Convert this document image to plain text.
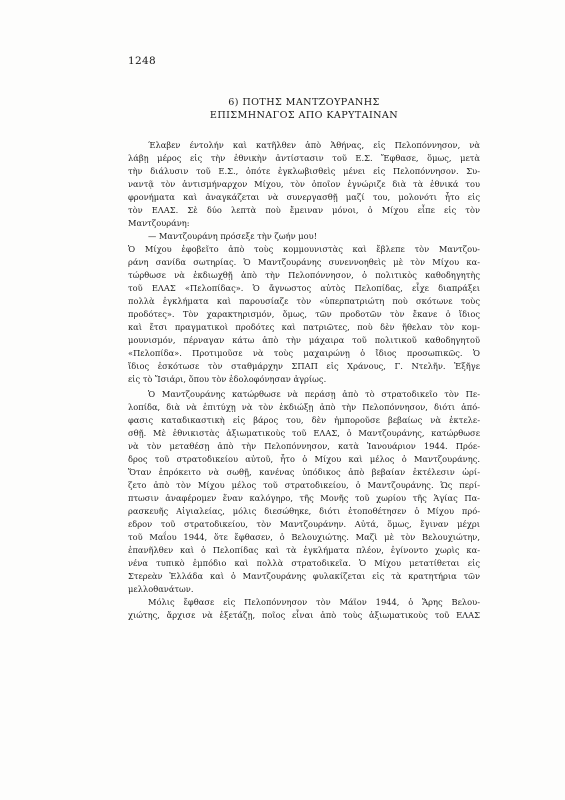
1248
6) ΠΟΤΗΣ ΜΑΝΤΖΟΥΡΑΝΗΣ
ΕΠΙΣΜΗΝΑΓΟΣ ΑΠΟ ΚΑΡΥΤΑΙΝΑΝ
Έλαβεν έντολήν καὶ κατῆλθεν ἀπὸ Ἀθήνας, εἰς Πελοπόννησον, νὰ
λάβῃ μέρος εἰς τὴν ἐθνικὴν ἀντίστασιν τοῦ Ε.Σ. Ἔφθασε, ὅμως, μετὰ
τὴν διάλυσιν τοῦ Ε.Σ., ὁπότε ἐγκλωβισθεὶς μένει εἰς Πελοπόννησον. Συ-
ναντᾷ τὸν ἀντισμήναρχον Μίχου, τὸν ὁποῖον ἐγνώριζε διὰ τὰ ἐθνικά του
φρονήματα καὶ ἀναγκάζεται νὰ συνεργασθῇ μαζί του, μολονότι ἦτο εἰς
τὸν ΕΛΑΣ. Σὲ δύο λεπτὰ ποὺ ἔμειναν μόνοι, ὁ Μίχου εἶπε εἰς τὸν
Μαντζουράνη:
— Μαντζουράνη πρόσεξε τὴν ζωήν μου!
Ὁ Μίχου ἐφοβεῖτο ἀπὸ τοὺς κομμουνιστὰς καὶ ἔβλεπε τὸν Μαντζου-
ράνη σανίδα σωτηρίας. Ὁ Μαντζουράνης συνεννοηθεὶς μὲ τὸν Μίχου κα-
τώρθωσε νὰ ἐκδιωχθῇ ἀπὸ τὴν Πελοπόννησον, ὁ πολιτικὸς καθοδηγητὴς
τοῦ ΕΛΑΣ «Πελοπίδας». Ὁ ἄγνωστος αὐτὸς Πελοπίδας, εἶχε διαπράξει
πολλὰ ἐγκλήματα καὶ παρουσίαζε τὸν «ὑπερπατριώτη ποὺ σκότωνε τοὺς
προδότες». Τὸν χαρακτηρισμόν, ὅμως, τῶν προδοτῶν τὸν ἔκανε ὁ ἴδιος
καὶ ἔτσι πραγματικοὶ προδότες καὶ πατριῶτες, ποὺ δὲν ἤθελαν τὸν κομ-
μουνισμόν, πέρναγαν κάτω ἀπὸ τὴν μάχαιρα τοῦ πολιτικοῦ καθοδηγητοῦ
«Πελοπίδα». Προτιμοῦσε νὰ τοὺς μαχαιρώνῃ ὁ ἴδιος προσωπικῶς. Ὁ
ἴδιος ἐσκότωσε τὸν σταθμάρχην ΣΠΑΠ εἰς Χράνους, Γ. Ντελῆν. Ἐξῆγε
εἰς τὸ Ἴσιάρι, ὅπου τὸν ἐδολοφόνησαν ἀγρίως.
Ὁ Μαντζουράνης κατώρθωσε νὰ περάσῃ ἀπὸ τὸ στρατοδικεῖο τὸν Πε-
λοπίδα, διὰ νὰ ἐπιτύχῃ νὰ τὸν ἐκδιώξῃ ἀπὸ τὴν Πελοπόννησον, διότι ἀπό-
φασις καταδικαστικὴ εἰς βάρος του, δὲν ἠμποροῦσε βεβαίως νὰ ἐκτελε-
σθῇ. Μὲ ἐθνικιστὰς ἀξιωματικοὺς τοῦ ΕΛΑΣ, ὁ Μαντζουράνης, κατώρθωσε
νὰ τὸν μεταθέσῃ ἀπὸ τὴν Πελοπόννησον, κατὰ Ἰανουάριον 1944. Πρόε-
δρος τοῦ στρατοδικείου αὐτοῦ, ἦτο ὁ Μίχου καὶ μέλος ὁ Μαντζουράνης.
Ὅταν ἐπρόκειτο νὰ σωθῇ, κανένας ὑπόδικος ἀπὸ βεβαίαν ἐκτέλεσιν ὡρί-
ζετο ἀπὸ τὸν Μίχου μέλος τοῦ στρατοδικείου, ὁ Μαντζουράνης. Ὡς περί-
πτωσιν ἀναφέρομεν ἕναν καλόγηρο, τῆς Μονῆς τοῦ χωρίου τῆς Ἁγίας Πα-
ρασκευῆς Αἰγιαλείας, μόλις διεσώθηκε, διότι ἐτοποθέτησεν ὁ Μίχου πρό-
εδρον τοῦ στρατοδικείου, τὸν Μαντζουράνην. Αὐτά, ὅμως, ἔγιναν μέχρι
τοῦ Μαΐου 1944, ὅτε ἔφθασεν, ὁ Βελουχιώτης. Μαζὶ μὲ τὸν Βελουχιώτην,
ἐπανῆλθεν καὶ ὁ Πελοπίδας καὶ τὰ ἐγκλήματα πλέον, ἐγίνοντο χωρὶς κα-
νένα τυπικὸ ἐμπόδιο καὶ πολλὰ στρατοδικεῖα. Ὁ Μίχου μετατίθεται εἰς
Στερεὰν Ἑλλάδα καὶ ὁ Μαντζουράνης φυλακίζεται εἰς τὰ κρατητήρια τῶν
μελλοθανάτων.
Μόλις ἔφθασε εἰς Πελοπόννησον τὸν Μάϊον 1944, ὁ Ἄρης Βελου-
χιώτης, ἄρχισε νὰ ἐξετάζῃ, ποῖος εἶναι ἀπὸ τοὺς ἀξιωματικοὺς τοῦ ΕΛΑΣ
